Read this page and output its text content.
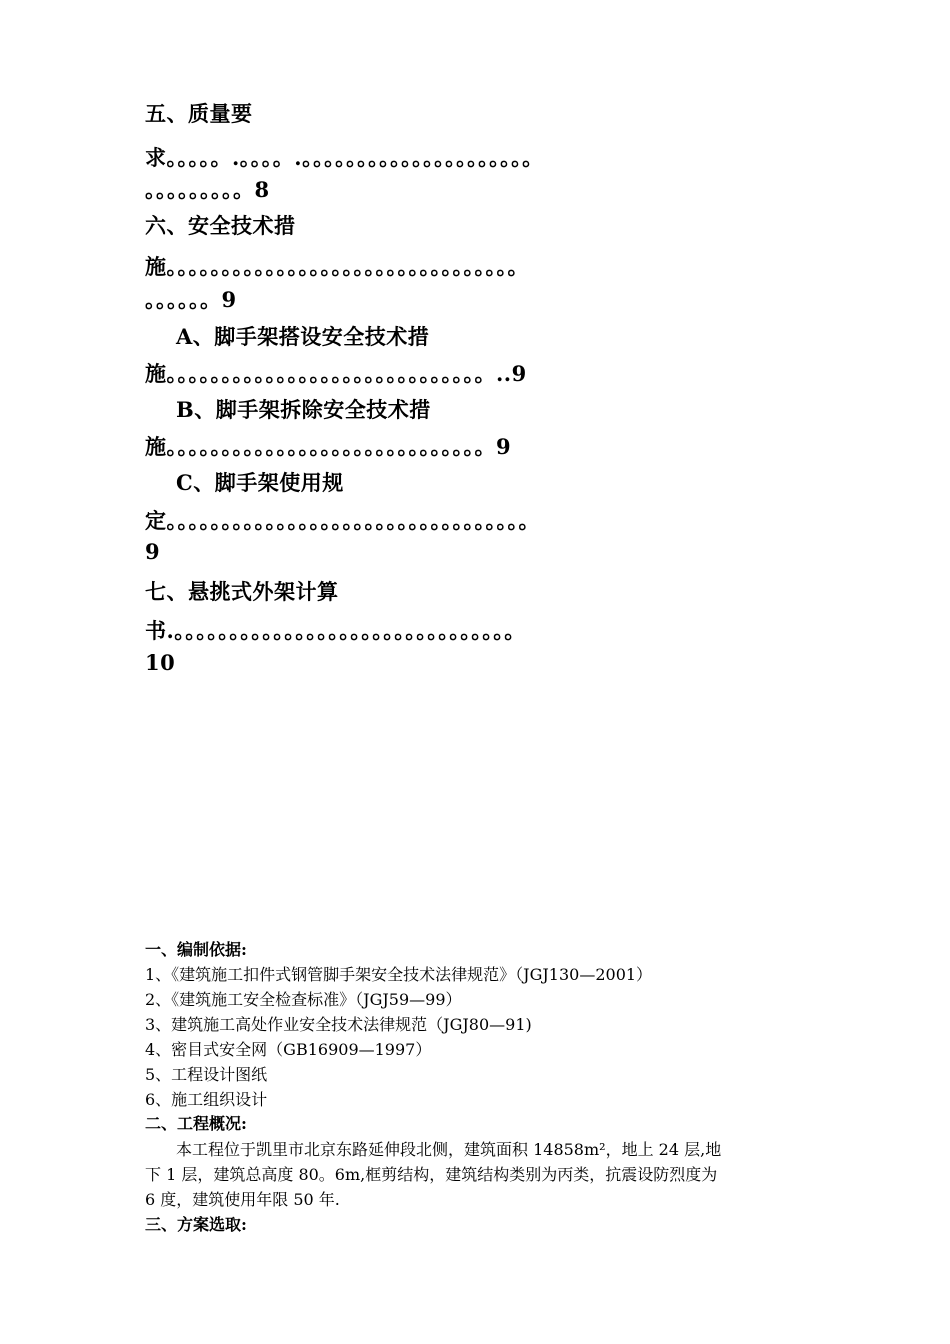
五、质量要
求。。。。。.。。。。.。。。。。。。。。。。。。。。。。。。。。
。。。。。。。。。8
六、安全技术措
施。。。。。。。。。。。。。。。。。。。。。。。。。。。。。。。。
。。。。。。9
A、脚手架搭设安全技术措
施。。。。。。。。。。。。。。。。。。。。。。。。。。。。。..9
B、脚手架拆除安全技术措
施。。。。。。。。。。。。。。。。。。。。。。。。。。。。。9
C、脚手架使用规
定。。。。。。。。。。。。。。。。。。。。。。。。。。。。。。。。。
9
七、悬挑式外架计算
书.。。。。。。。。。。。。。。。。。。。。。。。。。。。。。。。
10
一、编制依据:
1、《建筑施工扣件式钢管脚手架安全技术法律规范》（JGJ130—2001）
2、《建筑施工安全检查标准》（JGJ59—99）
3、建筑施工高处作业安全技术法律规范（JGJ80—91)
4、密目式安全网（GB16909—1997）
5、工程设计图纸
6、施工组织设计
二、工程概况:
本工程位于凯里市北京东路延伸段北侧，建筑面积 14858m²，地上 24 层,地
下 1 层，建筑总高度 80。6m,框剪结构，建筑结构类别为丙类，抗震设防烈度为
6 度，建筑使用年限 50 年.
三、方案选取:
